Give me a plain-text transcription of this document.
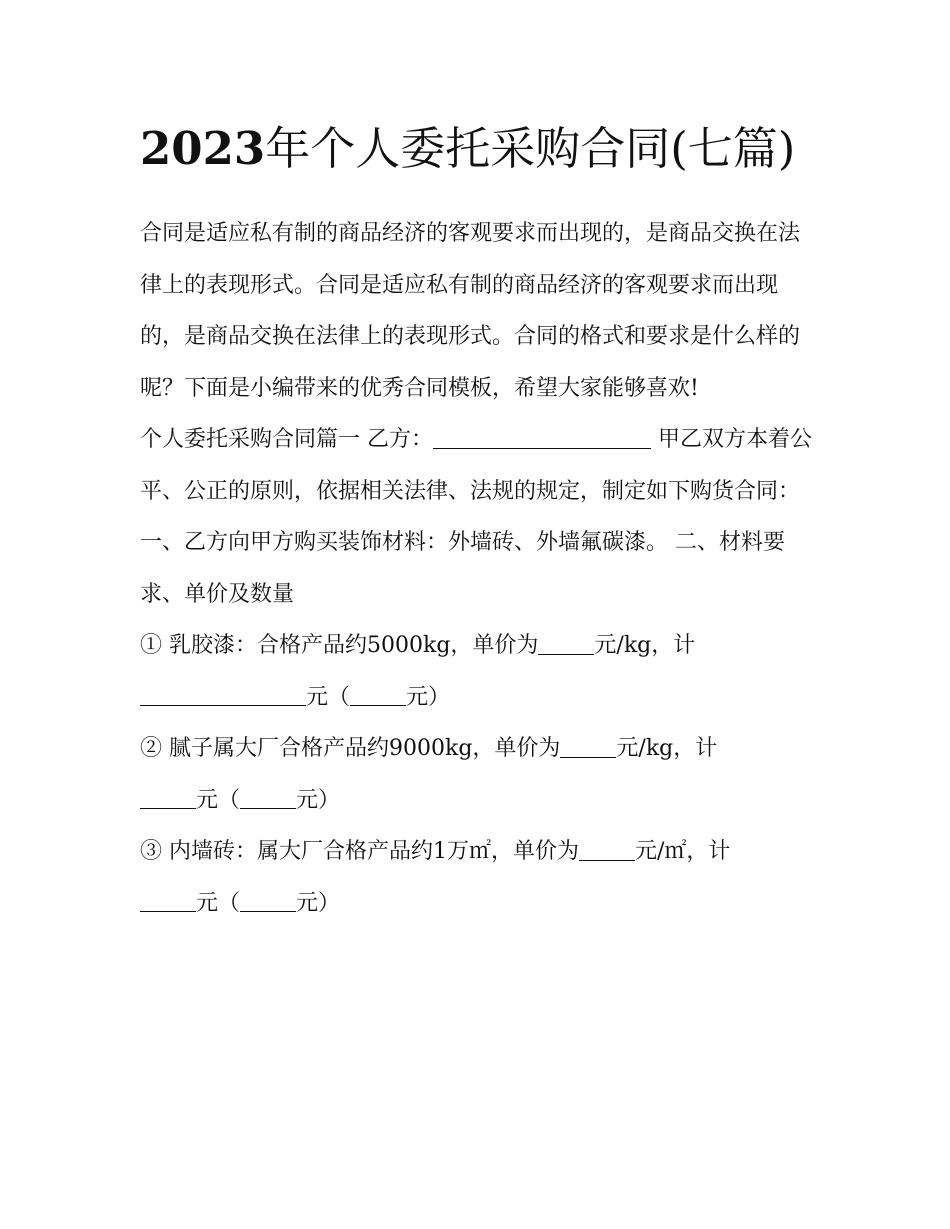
2023年个人委托采购合同(七篇)

合同是适应私有制的商品经济的客观要求而出现的，是商品交换在法律上的表现形式。合同是适应私有制的商品经济的客观要求而出现的，是商品交换在法律上的表现形式。合同的格式和要求是什么样的呢？下面是小编带来的优秀合同模板，希望大家能够喜欢!

个人委托采购合同篇一 乙方：	甲乙双方本着公平、公正的原则，依据相关法律、法规的规定，制定如下购货合同：

一、乙方向甲方购买装饰材料：外墙砖、外墙氟碳漆。 二、材料要求、单价及数量

① 乳胶漆：合格产品约5000kg，单价为	元/kg，计
元（	元）

② 腻子属大厂合格产品约9000kg，单价为	元/kg，计
元（	元）

③ 内墙砖：属大厂合格产品约1万㎡，单价为	元/㎡，计
元（	元）
